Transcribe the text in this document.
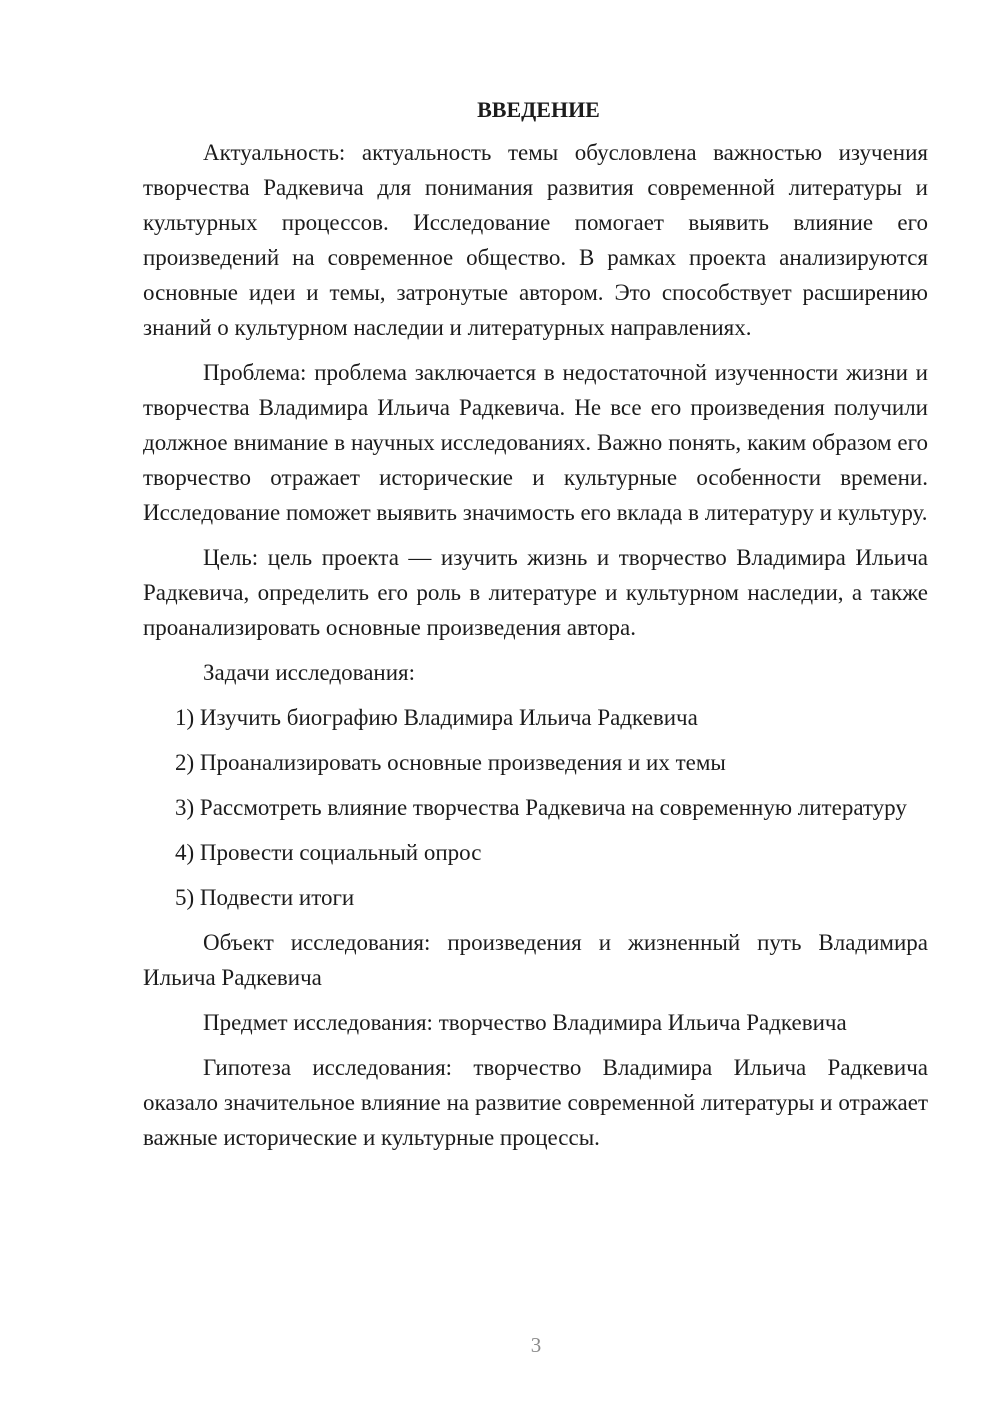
ВВЕДЕНИЕ

Актуальность: актуальность темы обусловлена важностью изучения творчества Радкевича для понимания развития современной литературы и культурных процессов. Исследование помогает выявить влияние его произведений на современное общество. В рамках проекта анализируются основные идеи и темы, затронутые автором. Это способствует расширению знаний о культурном наследии и литературных направлениях.

Проблема: проблема заключается в недостаточной изученности жизни и творчества Владимира Ильича Радкевича. Не все его произведения получили должное внимание в научных исследованиях. Важно понять, каким образом его творчество отражает исторические и культурные особенности времени. Исследование поможет выявить значимость его вклада в литературу и культуру.

Цель: цель проекта — изучить жизнь и творчество Владимира Ильича Радкевича, определить его роль в литературе и культурном наследии, а также проанализировать основные произведения автора.

Задачи исследования:

1) Изучить биографию Владимира Ильича Радкевича

2) Проанализировать основные произведения и их темы

3) Рассмотреть влияние творчества Радкевича на современную литературу

4) Провести социальный опрос

5) Подвести итоги

Объект исследования: произведения и жизненный путь Владимира Ильича Радкевича

Предмет исследования: творчество Владимира Ильича Радкевича

Гипотеза исследования: творчество Владимира Ильича Радкевича оказало значительное влияние на развитие современной литературы и отражает важные исторические и культурные процессы.

3
